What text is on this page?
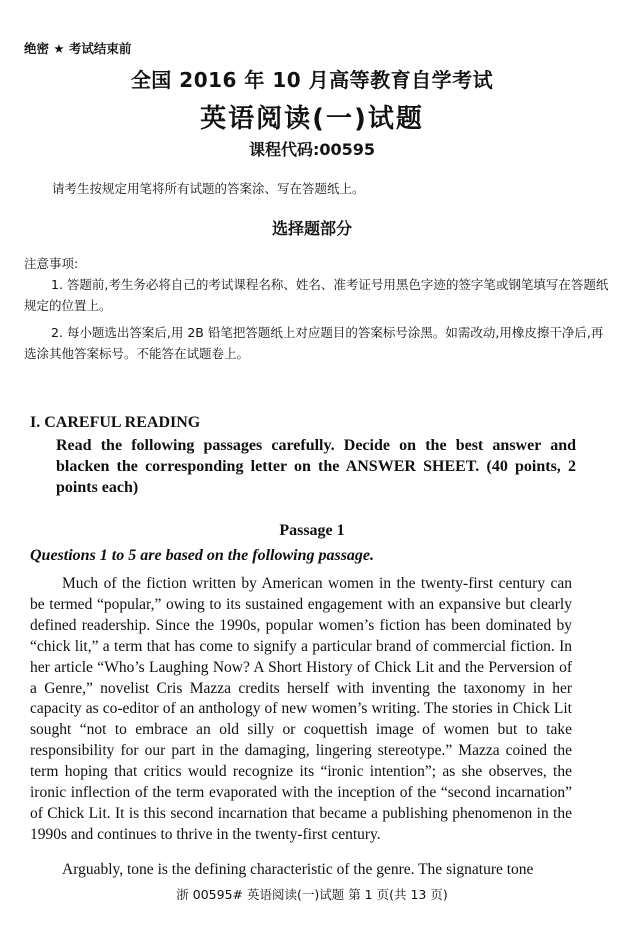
绝密 ★ 考试结束前

全国 2016 年 10 月高等教育自学考试
英语阅读(一)试题

课程代码:00595

请考生按规定用笔将所有试题的答案涂、写在答题纸上。

选择题部分

注意事项:

1. 答题前,考生务必将自己的考试课程名称、姓名、准考证号用黑色字迹的签字笔或钢笔填写在答题纸规定的位置上。

2. 每小题选出答案后,用 2B 铅笔把答题纸上对应题目的答案标号涂黑。如需改动,用橡皮擦干净后,再选涂其他答案标号。不能答在试题卷上。

I. CAREFUL READING

Read the following passages carefully. Decide on the best answer and blacken the corresponding letter on the ANSWER SHEET. (40 points, 2 points each)

Passage 1

Questions 1 to 5 are based on the following passage.

Much of the fiction written by American women in the twenty-first century can be termed “popular,” owing to its sustained engagement with an expansive but clearly defined readership. Since the 1990s, popular women’s fiction has been dominated by “chick lit,” a term that has come to signify a particular brand of commercial fiction. In her article “Who’s Laughing Now? A Short History of Chick Lit and the Perversion of a Genre,” novelist Cris Mazza credits herself with inventing the taxonomy in her capacity as co-editor of an anthology of new women’s writing. The stories in Chick Lit sought “not to embrace an old silly or coquettish image of women but to take responsibility for our part in the damaging, lingering stereotype.” Mazza coined the term hoping that critics would recognize its “ironic intention”; as she observes, the ironic inflection of the term evaporated with the inception of the “second incarnation” of Chick Lit. It is this second incarnation that became a publishing phenomenon in the 1990s and continues to thrive in the twenty-first century.

Arguably, tone is the defining characteristic of the genre. The signature tone

浙 00595# 英语阅读(一)试题 第 1 页(共 13 页)
